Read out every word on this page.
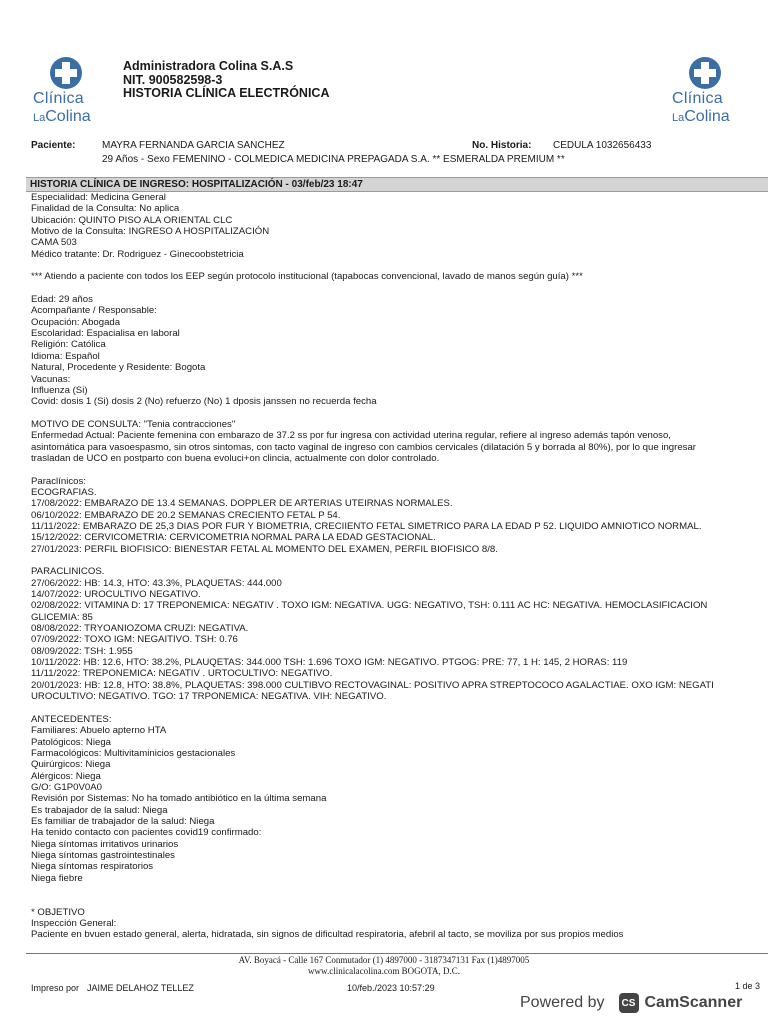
Clínica
LaColina
Clínica
LaColina
Administradora Colina S.A.S
NIT. 900582598-3
HISTORIA CLÍNICA ELECTRÓNICA
Paciente:	MAYRA FERNANDA GARCIA SANCHEZ	No. Historia: CEDULA 1032656433
29 Años - Sexo FEMENINO - COLMEDICA MEDICINA PREPAGADA S.A. ** ESMERALDA PREMIUM **
HISTORIA CLÍNICA DE INGRESO: HOSPITALIZACIÓN - 03/feb/23 18:47
Especialidad: Medicina General
Finalidad de la Consulta: No aplica
Ubicación: QUINTO PISO ALA ORIENTAL CLC
Motivo de la Consulta: INGRESO A HOSPITALIZACIÓN
CAMA 503
Médico tratante: Dr. Rodriguez - Ginecoobstetricia
*** Atiendo a paciente con todos los EEP según protocolo institucional (tapabocas convencional, lavado de manos según guía) ***
Edad: 29 años
Acompañante / Responsable:
Ocupación: Abogada
Escolaridad: Espacialisa en laboral
Religión: Católica
Idioma: Español
Natural, Procedente y Residente: Bogota
Vacunas:
Influenza (Si)
Covid: dosis 1 (Si) dosis 2 (No) refuerzo (No) 1 dposis janssen no recuerda fecha
MOTIVO DE CONSULTA: "Tenia contracciones"
Enfermedad Actual: Paciente femenina con embarazo de 37.2 ss por fur ingresa con actividad uterina regular, refiere al ingreso además tapón venoso,
asintomática para vasoespasmo, sin otros sintomas, con tacto vaginal de ingreso con cambios cervicales (dilatación 5 y borrada al 80%), por lo que ingresar
trasladan de UCO en postparto con buena evoluci+on clincia, actualmente con dolor controlado.
Paraclínicos:
ECOGRAFIAS.
17/08/2022: EMBARAZO DE 13.4 SEMANAS. DOPPLER DE ARTERIAS UTEIRNAS NORMALES.
06/10/2022: EMBARAZO DE 20.2 SEMANAS CRECIENTO FETAL P 54.
11/11/2022: EMBARAZO DE 25,3 DIAS POR FUR Y BIOMETRIA, CRECIIENTO FETAL SIMETRICO PARA LA EDAD P 52. LIQUIDO AMNIOTICO NORMAL.
15/12/2022: CERVICOMETRIA: CERVICOMETRIA NORMAL PARA LA EDAD GESTACIONAL.
27/01/2023: PERFIL BIOFISICO: BIENESTAR FETAL AL MOMENTO DEL EXAMEN, PERFIL BIOFISICO 8/8.
PARACLINICOS.
27/06/2022: HB: 14.3, HTO: 43.3%, PLAQUETAS: 444.000
14/07/2022: UROCULTIVO NEGATIVO.
02/08/2022: VITAMINA D: 17 TREPONEMICA: NEGATIV . TOXO IGM: NEGATIVA. UGG: NEGATIVO, TSH: 0.111 AC HC: NEGATIVA. HEMOCLASIFICACION
GLICEMIA: 85
08/08/2022: TRYOANIOZOMA CRUZI: NEGATIVA.
07/09/2022: TOXO IGM: NEGAITIVO. TSH: 0.76
08/09/2022: TSH: 1.955
10/11/2022: HB: 12.6, HTO: 38.2%, PLAUQETAS: 344.000 TSH: 1.696 TOXO IGM: NEGATIVO. PTGOG: PRE: 77, 1 H: 145, 2 HORAS: 119
11/11/2022: TREPONEMICA: NEGATIV . URTOCULTIVO: NEGATIVO.
20/01/2023: HB: 12.8, HTO: 38.8%, PLAQUETAS: 398.000 CULTIBVO RECTOVAGINAL: POSITIVO APRA STREPTOCOCO AGALACTIAE. OXO IGM: NEGATI
UROCULTIVO: NEGATIVO. TGO: 17 TRPONEMICA: NEGATIVA. VIH: NEGATIVO.
ANTECEDENTES:
Familiares: Abuelo apterno HTA
Patológicos: Niega
Farmacológicos: Multivitaminicios gestacionales
Quirúrgicos: Niega
Alérgicos: Niega
G/O: G1P0V0A0
Revisión por Sistemas: No ha tomado antibiótico en la última semana
Es trabajador de la salud: Niega
Es familiar de trabajador de la salud: Niega
Ha tenido contacto con pacientes covid19 confirmado:
Niega síntomas irritativos urinarios
Niega síntomas gastrointestinales
Niega síntomas respiratorios
Niega fiebre
* OBJETIVO
Inspección General:
Paciente en bvuen estado general, alerta, hidratada, sin signos de dificultad respiratoria, afebril al tacto, se moviliza por sus propios medios
AV. Boyacá - Calle 167 Conmutador (1) 4897000 - 3187347131 Fax (1)4897005
www.clinicalacolina.com BOGOTA, D.C.
Impreso por JAIME DELAHOZ TELLEZ	10/feb./2023 10:57:29	1 de 3
Powered by	CS CamScanner
